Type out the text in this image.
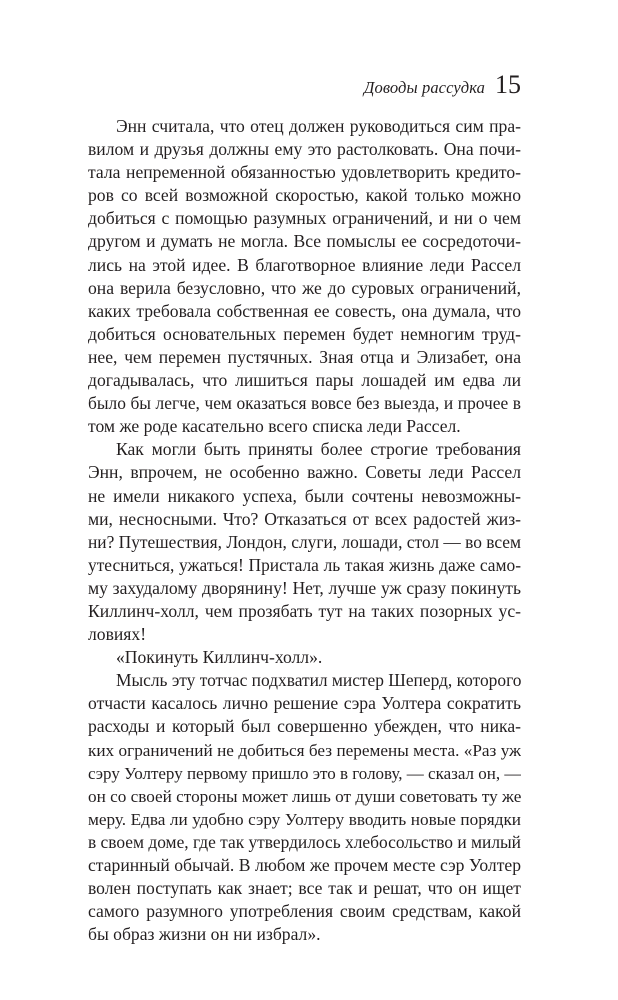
Доводы рассудка 15
Энн считала, что отец должен руководиться сим пра-
вилом и друзья должны ему это растолковать. Она почи-
тала непременной обязанностью удовлетворить кредито-
ров со всей возможной скоростью, какой только можно
добиться с помощью разумных ограничений, и ни о чем
другом и думать не могла. Все помыслы ее сосредоточи-
лись на этой идее. В благотворное влияние леди Рассел
она верила безусловно, что же до суровых ограничений,
каких требовала собственная ее совесть, она думала, что
добиться основательных перемен будет немногим труд-
нее, чем перемен пустячных. Зная отца и Элизабет, она
догадывалась, что лишиться пары лошадей им едва ли
было бы легче, чем оказаться вовсе без выезда, и прочее в
том же роде касательно всего списка леди Рассел.
Как могли быть приняты более строгие требования
Энн, впрочем, не особенно важно. Советы леди Рассел
не имели никакого успеха, были сочтены невозможны-
ми, несносными. Что? Отказаться от всех радостей жиз-
ни? Путешествия, Лондон, слуги, лошади, стол — во всем
утесниться, ужаться! Пристала ль такая жизнь даже само-
му захудалому дворянину! Нет, лучше уж сразу покинуть
Киллинч-холл, чем прозябать тут на таких позорных ус-
ловиях!
«Покинуть Киллинч-холл».
Мысль эту тотчас подхватил мистер Шеперд, которого
отчасти касалось лично решение сэра Уолтера сократить
расходы и который был совершенно убежден, что ника-
ких ограничений не добиться без перемены места. «Раз уж
сэру Уолтеру первому пришло это в голову, — сказал он, —
он со своей стороны может лишь от души советовать ту же
меру. Едва ли удобно сэру Уолтеру вводить новые порядки
в своем доме, где так утвердилось хлебосольство и милый
старинный обычай. В любом же прочем месте сэр Уолтер
волен поступать как знает; все так и решат, что он ищет
самого разумного употребления своим средствам, какой
бы образ жизни он ни избрал».
